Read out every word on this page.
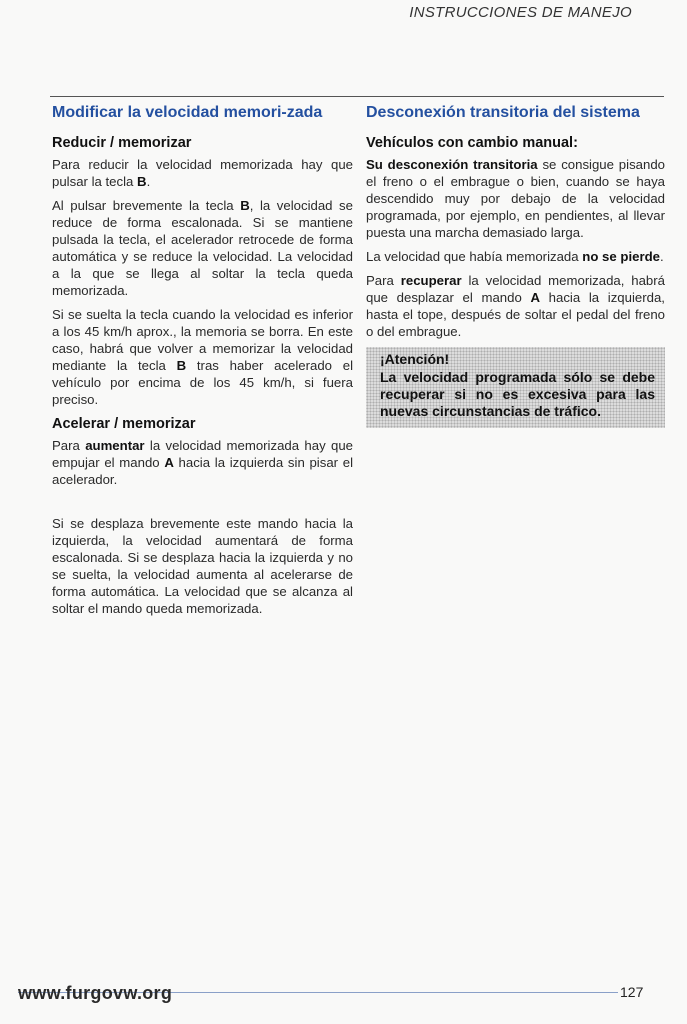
INSTRUCCIONES DE MANEJO
Modificar la velocidad memori-zada
Reducir / memorizar

Para reducir la velocidad memorizada hay que pulsar la tecla B.

Al pulsar brevemente la tecla B, la velocidad se reduce de forma escalonada. Si se mantiene pulsada la tecla, el acelerador retrocede de forma automática y se reduce la velocidad. La velocidad a la que se llega al soltar la tecla queda memorizada.

Si se suelta la tecla cuando la velocidad es inferior a los 45 km/h aprox., la memoria se borra. En este caso, habrá que volver a memorizar la velocidad mediante la tecla B tras haber acelerado el vehículo por encima de los 45 km/h, si fuera preciso.

Acelerar / memorizar

Para aumentar la velocidad memorizada hay que empujar el mando A hacia la izquierda sin pisar el acelerador.

Si se desplaza brevemente este mando hacia la izquierda, la velocidad aumentará de forma escalonada. Si se desplaza hacia la izquierda y no se suelta, la velocidad aumenta al acelerarse de forma automática. La velocidad que se alcanza al soltar el mando queda memorizada.

Desconexión transitoria del sistema
Vehículos con cambio manual:

Su desconexión transitoria se consigue pisando el freno o el embrague o bien, cuando se haya descendido muy por debajo de la velocidad programada, por ejemplo, en pendientes, al llevar puesta una marcha demasiado larga.

La velocidad que había memorizada no se pierde.

Para recuperar la velocidad memorizada, habrá que desplazar el mando A hacia la izquierda, hasta el tope, después de soltar el pedal del freno o del embrague.

¡Atención!
La velocidad programada sólo se debe recuperar si no es excesiva para las nuevas circunstancias de tráfico.
www.furgovw.org	127
